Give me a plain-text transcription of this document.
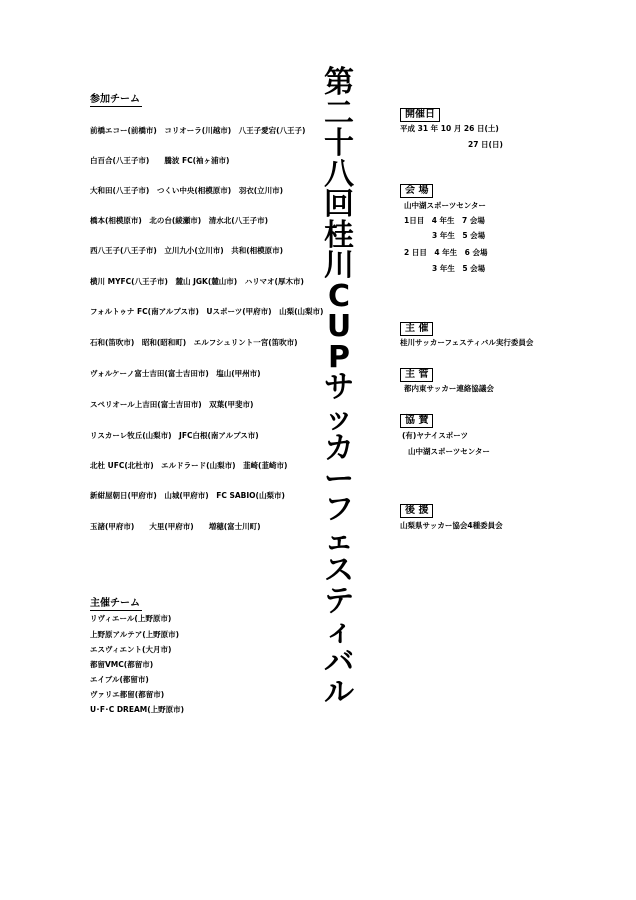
参加チーム
前橋エコー(前橋市)　コリオーラ(川越市)　八王子愛宕(八王子)
白百合(八王子市)　　騰波 FC(袖ヶ浦市)
大和田(八王子市)　つくい中央(相模原市)　羽衣(立川市)
橋本(相模原市)　北の台(綾瀬市)　清水北(八王子市)
西八王子(八王子市)　立川九小(立川市)　共和(相模原市)
横川 MYFC(八王子市)　麓山 JGK(麓山市)　ハリマオ(厚木市)
フォルトゥナ FC(南アルプス市)　Uスポーツ(甲府市)　山梨(山梨市)
石和(笛吹市)　昭和(昭和町)　エルフシュリント一宮(笛吹市)
ヴォルケーノ富士吉田(富士吉田市)　塩山(甲州市)
スペリオール上吉田(富士吉田市)　双葉(甲斐市)
リスカーレ牧丘(山梨市)　JFC白根(南アルプス市)
北杜 UFC(北杜市)　エルドラード(山梨市)　韮崎(韮崎市)
新紺屋朝日(甲府市)　山城(甲府市)　FC SABIO(山梨市)
玉諸(甲府市)　　大里(甲府市)　　増穂(富士川町)
主催チーム
リヴィエール(上野原市)
上野原アルテア(上野原市)
エスヴィエント(大月市)
都留VMC(都留市)
エイブル(都留市)
ヴァリエ都留(都留市)
U･F･C DREAM(上野原市)
第
二
十
八
回
桂
川
C
U
P
サ
ッ
カ
ー
フ
ェ
ス
テ
ィ
バ
ル
開催日
平成 31 年 10 月 26 日(土)
27 日(日)
会 場
山中湖スポーツセンター
1日目　4 年生　7 会場
3 年生　5 会場
2 日目　4 年生　6 会場
3 年生　5 会場
主 催
桂川サッカーフェスティバル実行委員会
主 管
都内東サッカー連絡協議会
協 賛
(有)ヤナイスポーツ
山中湖スポーツセンター
後 援
山梨県サッカー協会4種委員会
